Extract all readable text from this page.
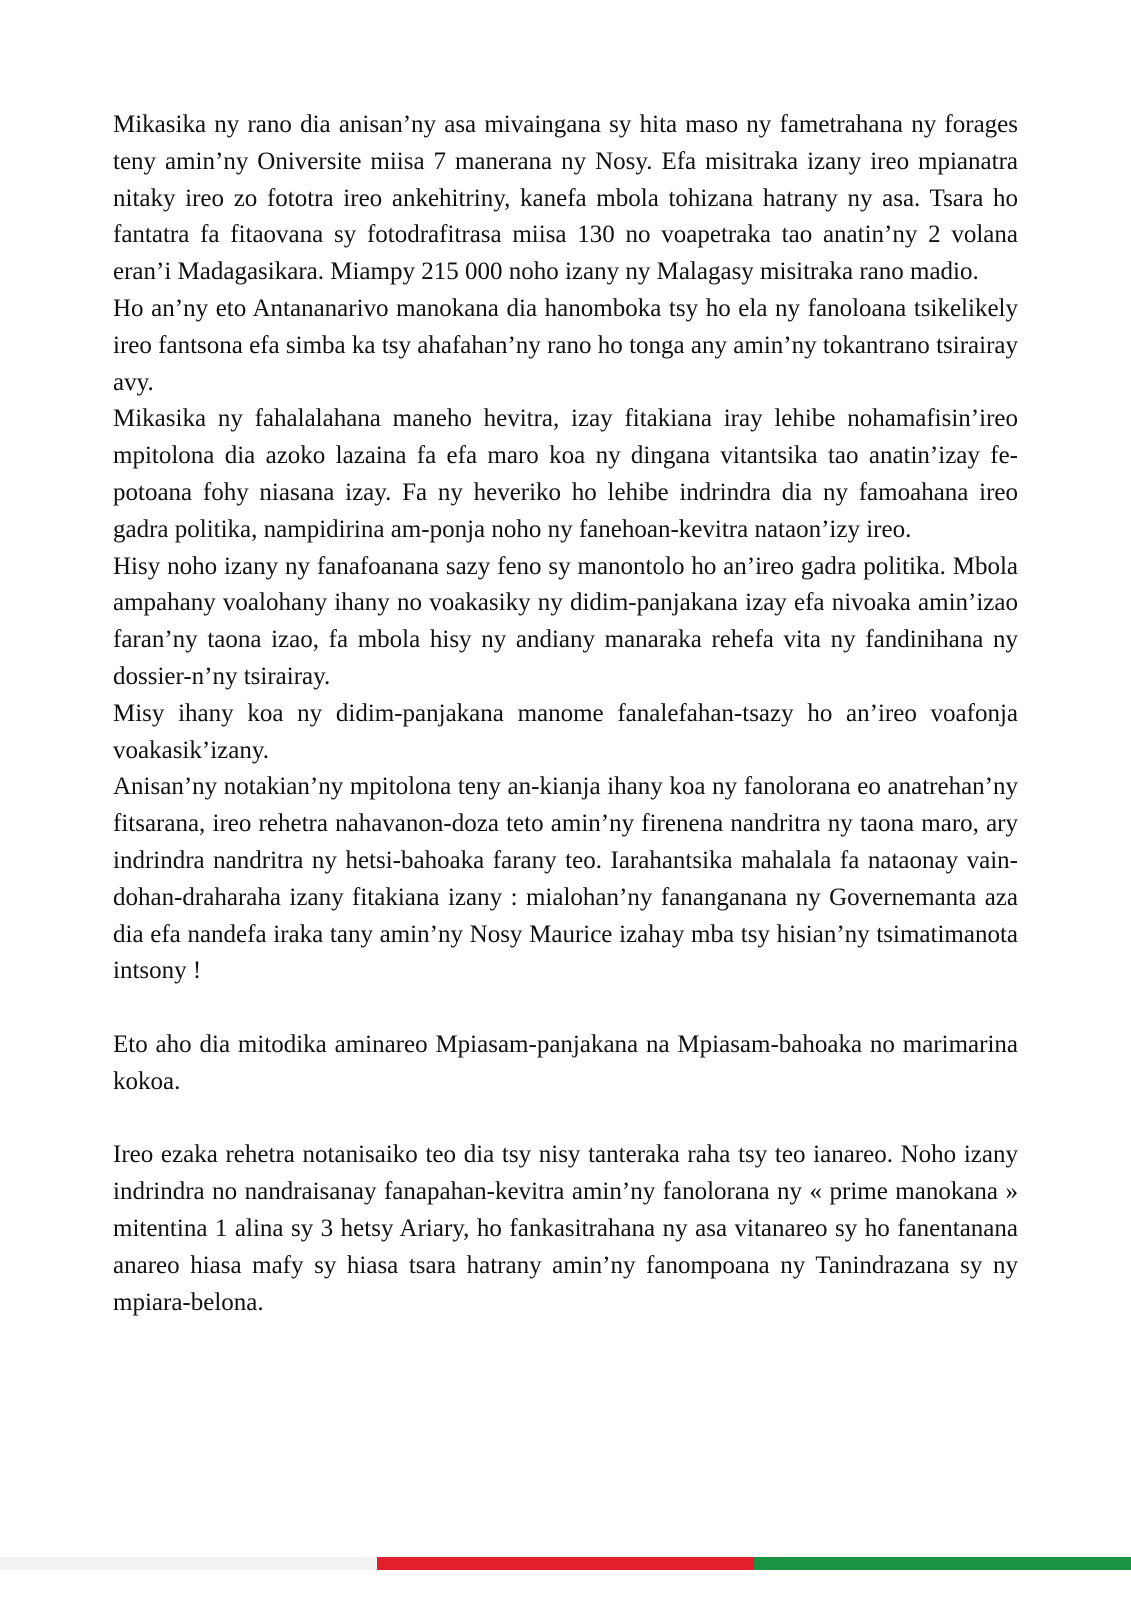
Mikasika ny rano dia anisan’ny asa mivaingana sy hita maso ny fametrahana ny forages teny amin’ny Oniversite miisa 7 manerana ny Nosy. Efa misitraka izany ireo mpianatra nitaky ireo zo fototra ireo ankehitriny, kanefa mbola tohizana hatrany ny asa. Tsara ho fantatra fa fitaovana sy fotodrafitrasa miisa 130 no voapetraka tao anatin’ny 2 volana eran’i Madagasikara. Miampy 215 000 noho izany ny Malagasy misitraka rano madio.

Ho an’ny eto Antananarivo manokana dia hanomboka tsy ho ela ny fanoloana tsikelikely ireo fantsona efa simba ka tsy ahafahan’ny rano ho tonga any amin’ny tokantrano tsirairay avy.

Mikasika ny fahalalahana maneho hevitra, izay fitakiana iray lehibe nohamafisin’ireo mpitolona dia azoko lazaina fa efa maro koa ny dingana vitantsika tao anatin’izay fe-potoana fohy niasana izay. Fa ny heveriko ho lehibe indrindra dia ny famoahana ireo gadra politika, nampidirina am-ponja noho ny fanehoan-kevitra nataon’izy ireo.

Hisy noho izany ny fanafoanana sazy feno sy manontolo ho an’ireo gadra politika. Mbola ampahany voalohany ihany no voakasiky ny didim-panjakana izay efa nivoaka amin’izao faran’ny taona izao, fa mbola hisy ny andiany manaraka rehefa vita ny fandinihana ny dossier-n’ny tsirairay.

Misy ihany koa ny didim-panjakana manome fanalefahan-tsazy ho an’ireo voafonja voakasik’izany.

Anisan’ny notakian’ny mpitolona teny an-kianja ihany koa ny fanolorana eo anatrehan’ny fitsarana, ireo rehetra nahavanon-doza teto amin’ny firenena nandritra ny taona maro, ary indrindra nandritra ny hetsi-bahoaka farany teo. Iarahantsika mahalala fa nataonay vain-dohan-draharaha izany fitakiana izany : mialohan’ny fananganana ny Governemanta aza dia efa nandefa iraka tany amin’ny Nosy Maurice izahay mba tsy hisian’ny tsimatimanota intsony !

Eto aho dia mitodika aminareo Mpiasam-panjakana na Mpiasam-bahoaka no marimarina kokoa.

Ireo ezaka rehetra notanisaiko teo dia tsy nisy tanteraka raha tsy teo ianareo. Noho izany indrindra no nandraisanay fanapahan-kevitra amin’ny fanolorana ny « prime manokana » mitentina 1 alina sy 3 hetsy Ariary, ho fankasitrahana ny asa vitanareo sy ho fanentanana anareo hiasa mafy sy hiasa tsara hatrany amin’ny fanompoana ny Tanindrazana sy ny mpiara-belona.
